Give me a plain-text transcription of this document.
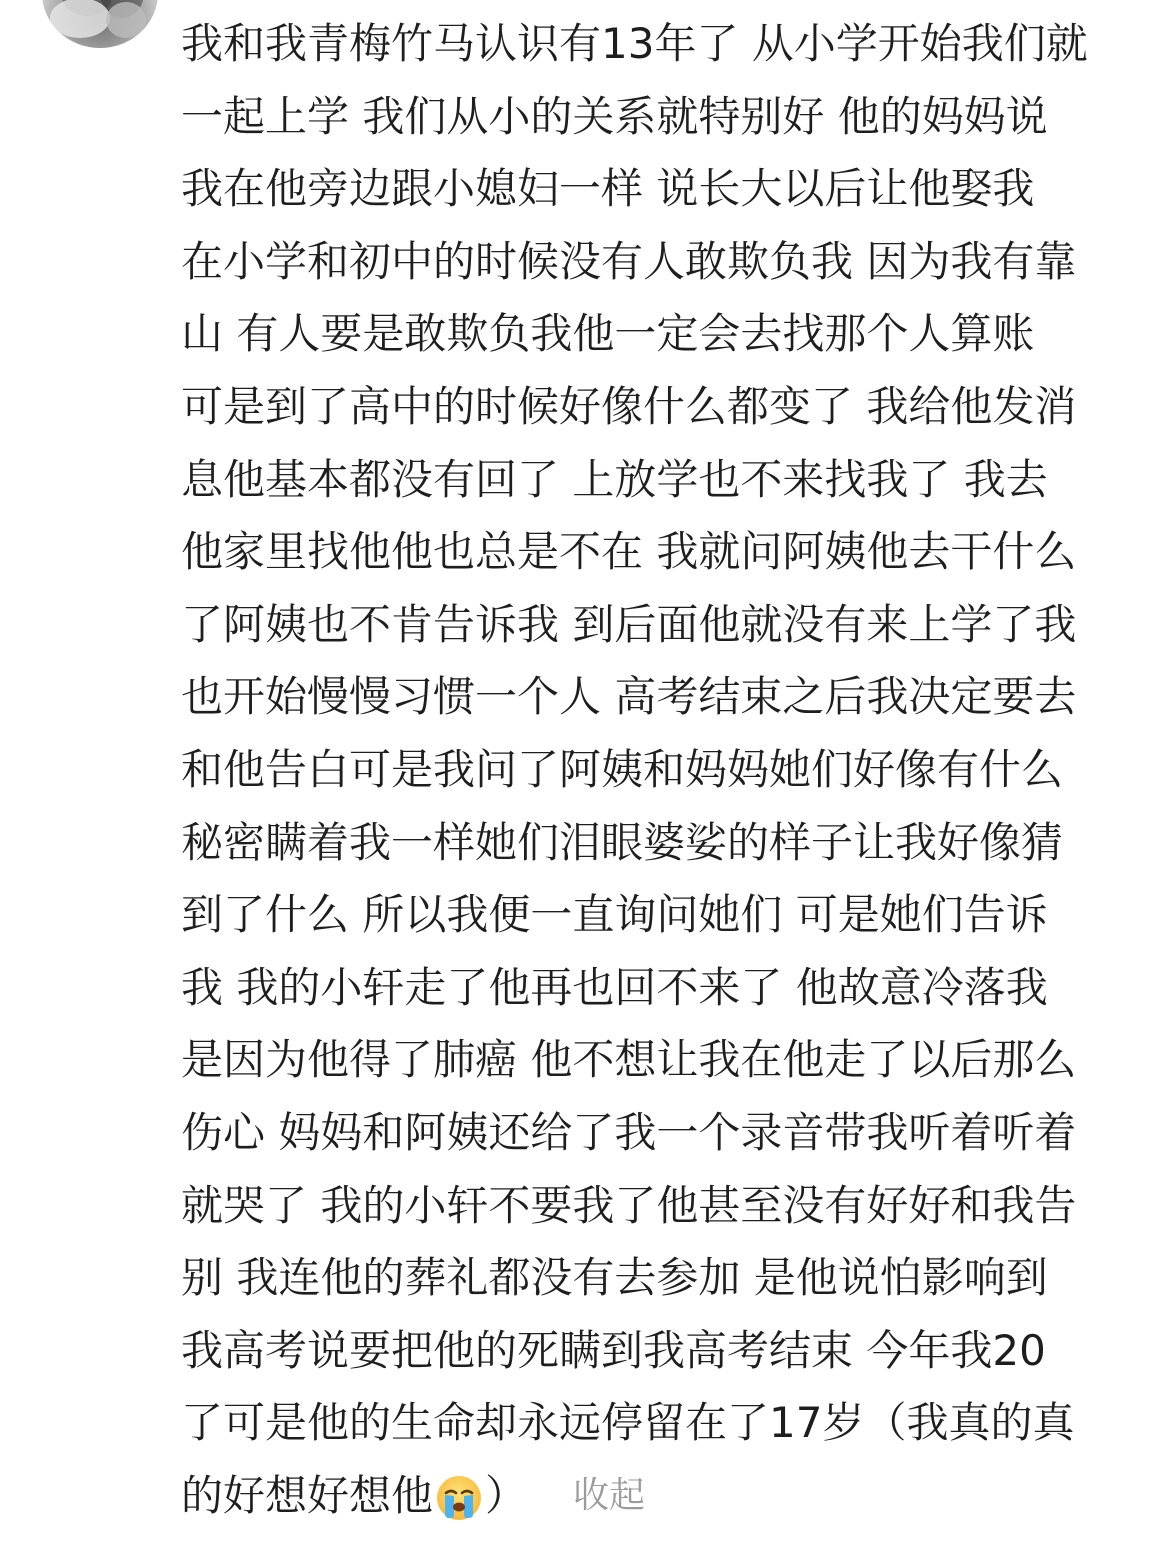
我和我青梅竹马认识有13年了 从小学开始我们就
一起上学 我们从小的关系就特别好 他的妈妈说
我在他旁边跟小媳妇一样 说长大以后让他娶我
在小学和初中的时候没有人敢欺负我 因为我有靠
山 有人要是敢欺负我他一定会去找那个人算账
可是到了高中的时候好像什么都变了 我给他发消
息他基本都没有回了 上放学也不来找我了 我去
他家里找他他也总是不在 我就问阿姨他去干什么
了阿姨也不肯告诉我 到后面他就没有来上学了我
也开始慢慢习惯一个人 高考结束之后我决定要去
和他告白可是我问了阿姨和妈妈她们好像有什么
秘密瞒着我一样她们泪眼婆娑的样子让我好像猜
到了什么 所以我便一直询问她们 可是她们告诉
我 我的小轩走了他再也回不来了 他故意冷落我
是因为他得了肺癌 他不想让我在他走了以后那么
伤心 妈妈和阿姨还给了我一个录音带我听着听着
就哭了 我的小轩不要我了他甚至没有好好和我告
别 我连他的葬礼都没有去参加 是他说怕影响到
我高考说要把他的死瞒到我高考结束 今年我20
了可是他的生命却永远停留在了17岁（我真的真
的好想好想他 ） 收起
